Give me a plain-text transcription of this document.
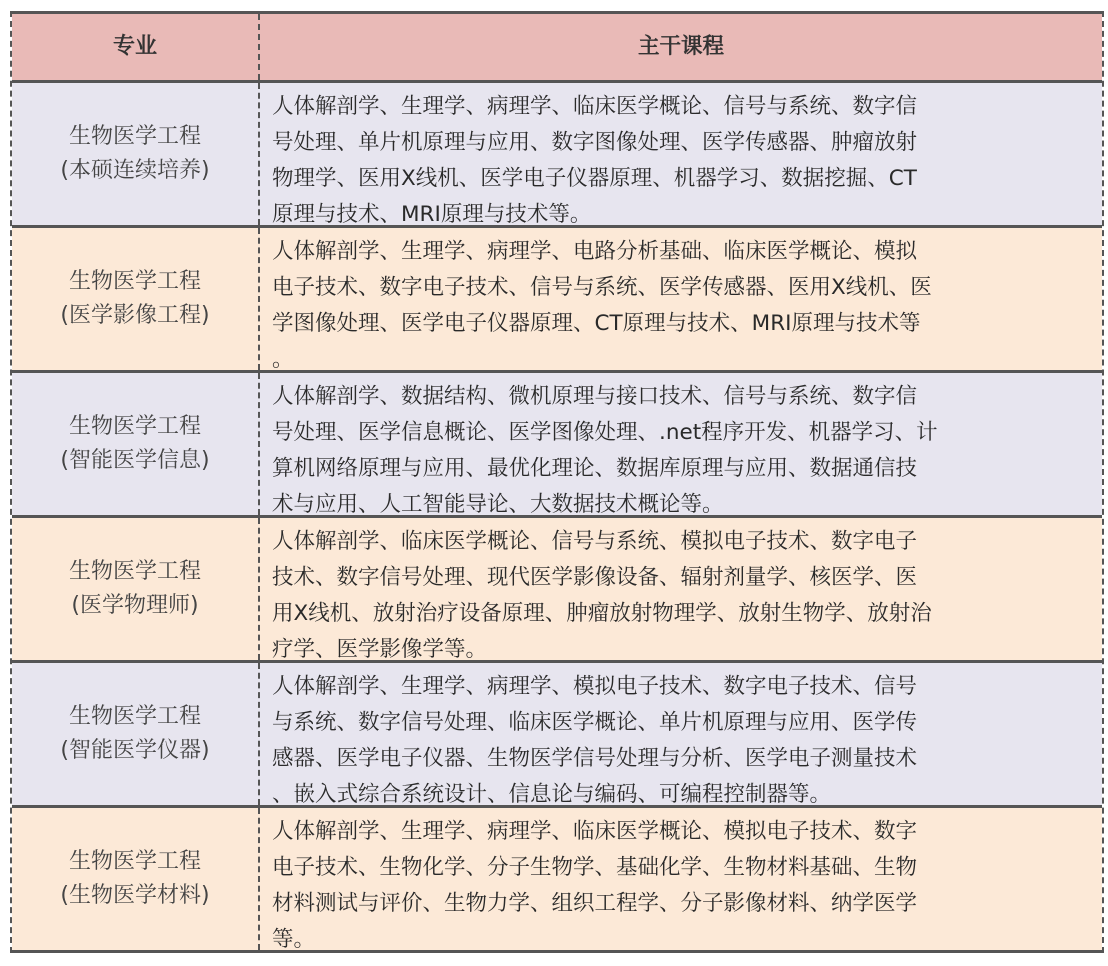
专业	主干课程
生物医学工程
(本硕连续培养)
人体解剖学、生理学、病理学、临床医学概论、信号与系统、数字信
号处理、单片机原理与应用、数字图像处理、医学传感器、肿瘤放射
物理学、医用X线机、医学电子仪器原理、机器学习、数据挖掘、CT
原理与技术、MRI原理与技术等。
生物医学工程
(医学影像工程)
人体解剖学、生理学、病理学、电路分析基础、临床医学概论、模拟
电子技术、数字电子技术、信号与系统、医学传感器、医用X线机、医
学图像处理、医学电子仪器原理、CT原理与技术、MRI原理与技术等
。
生物医学工程
(智能医学信息)
人体解剖学、数据结构、微机原理与接口技术、信号与系统、数字信
号处理、医学信息概论、医学图像处理、.net程序开发、机器学习、计
算机网络原理与应用、最优化理论、数据库原理与应用、数据通信技
术与应用、人工智能导论、大数据技术概论等。
生物医学工程
(医学物理师)
人体解剖学、临床医学概论、信号与系统、模拟电子技术、数字电子
技术、数字信号处理、现代医学影像设备、辐射剂量学、核医学、医
用X线机、放射治疗设备原理、肿瘤放射物理学、放射生物学、放射治
疗学、医学影像学等。
生物医学工程
(智能医学仪器)
人体解剖学、生理学、病理学、模拟电子技术、数字电子技术、信号
与系统、数字信号处理、临床医学概论、单片机原理与应用、医学传
感器、医学电子仪器、生物医学信号处理与分析、医学电子测量技术
、嵌入式综合系统设计、信息论与编码、可编程控制器等。
生物医学工程
(生物医学材料)
人体解剖学、生理学、病理学、临床医学概论、模拟电子技术、数字
电子技术、生物化学、分子生物学、基础化学、生物材料基础、生物
材料测试与评价、生物力学、组织工程学、分子影像材料、纳学医学
等。
